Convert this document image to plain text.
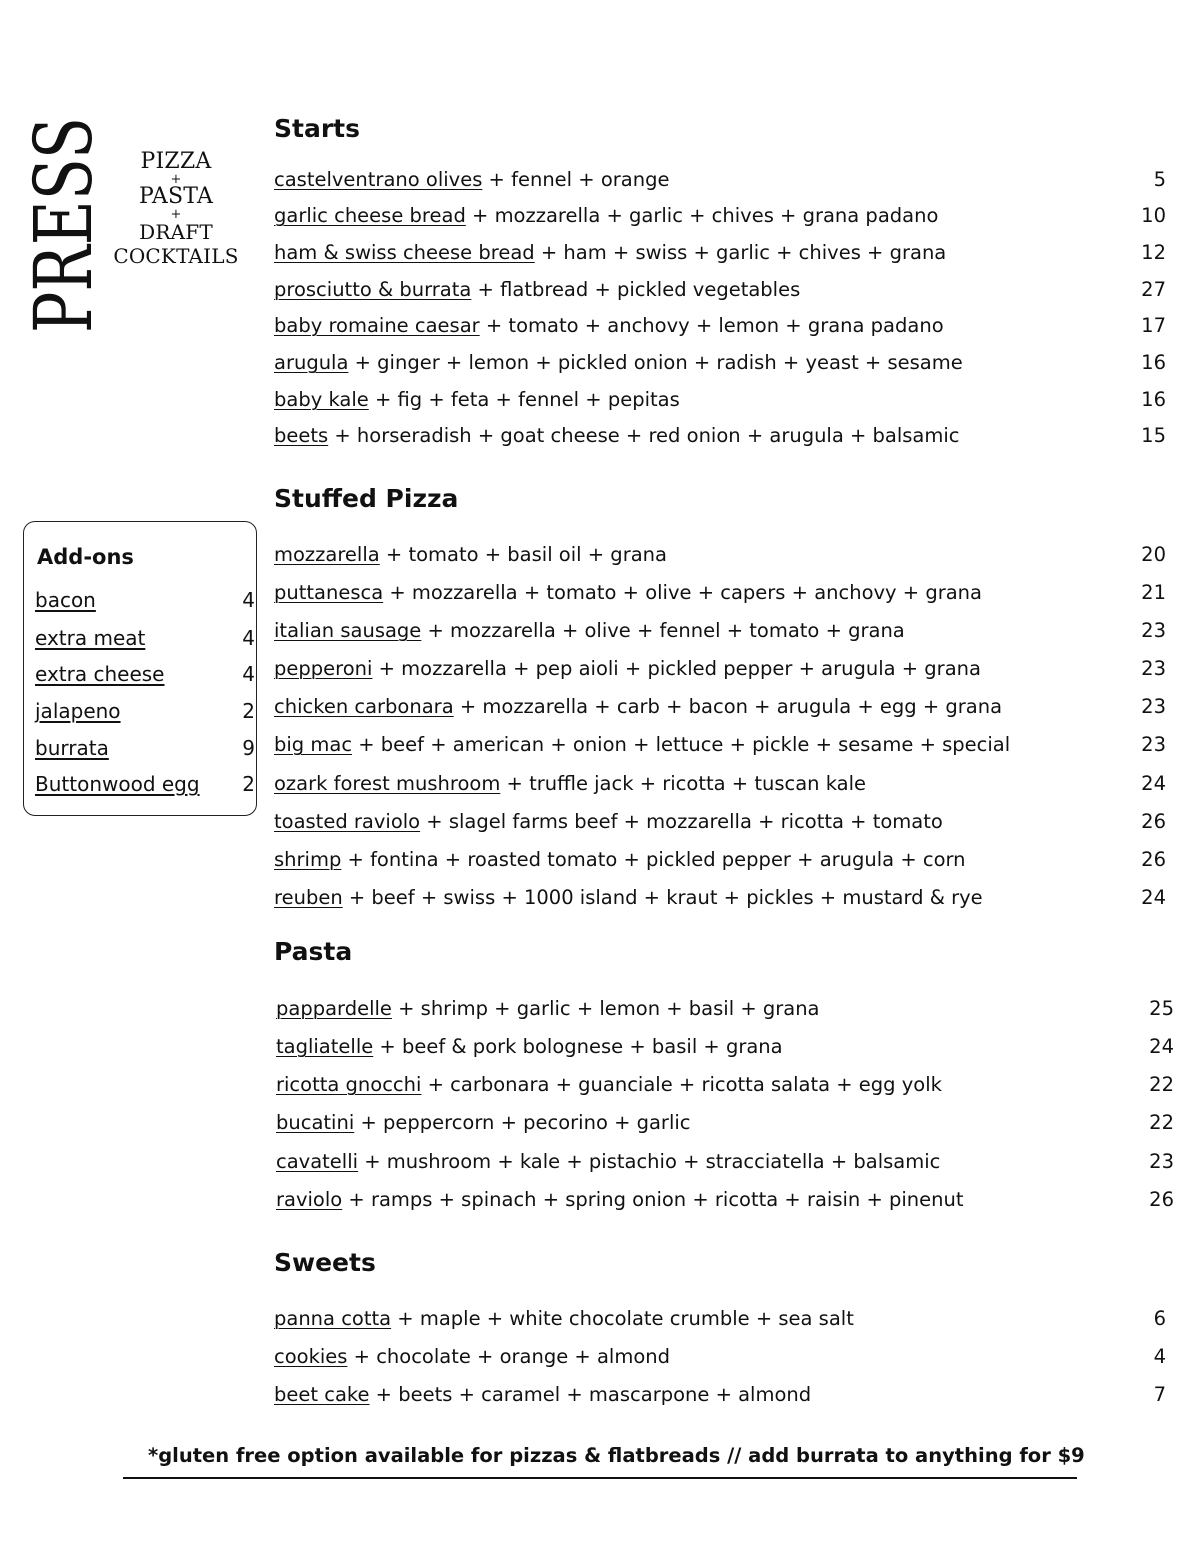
PRESS	PIZZA
+
PASTA
+
DRAFT
COCKTAILS
Add-ons
bacon	4
extra meat	4
extra cheese	4
jalapeno	2
burrata	9
Buttonwood egg 2
Starts
castelventrano olives + fennel + orange	5
garlic cheese bread + mozzarella + garlic + chives + grana padano	10
ham & swiss cheese bread + ham + swiss + garlic + chives + grana	12
prosciutto & burrata + flatbread + pickled vegetables	27
baby romaine caesar + tomato + anchovy + lemon + grana padano	17
arugula + ginger + lemon + pickled onion + radish + yeast + sesame	16
baby kale + fig + feta + fennel + pepitas	16
beets + horseradish + goat cheese + red onion + arugula + balsamic	15
Stuffed Pizza
mozzarella + tomato + basil oil + grana	20
puttanesca + mozzarella + tomato + olive + capers + anchovy + grana	21
italian sausage + mozzarella + olive + fennel + tomato + grana	23
pepperoni + mozzarella + pep aioli + pickled pepper + arugula + grana	23
chicken carbonara + mozzarella + carb + bacon + arugula + egg + grana	23
big mac + beef + american + onion + lettuce + pickle + sesame + special	23
ozark forest mushroom + truffle jack + ricotta + tuscan kale	24
toasted raviolo + slagel farms beef + mozzarella + ricotta + tomato	26
shrimp + fontina + roasted tomato + pickled pepper + arugula + corn	26
reuben + beef + swiss + 1000 island + kraut + pickles + mustard & rye	24
Pasta
pappardelle + shrimp + garlic + lemon + basil + grana	25
tagliatelle + beef & pork bolognese + basil + grana	24
ricotta gnocchi + carbonara + guanciale + ricotta salata + egg yolk	22
bucatini + peppercorn + pecorino + garlic	22
cavatelli + mushroom + kale + pistachio + stracciatella + balsamic	23
raviolo + ramps + spinach + spring onion + ricotta + raisin + pinenut	26
Sweets
panna cotta + maple + white chocolate crumble + sea salt	6
cookies + chocolate + orange + almond	4
beet cake + beets + caramel + mascarpone + almond	7
*gluten free option available for pizzas & flatbreads // add burrata to anything for $9
